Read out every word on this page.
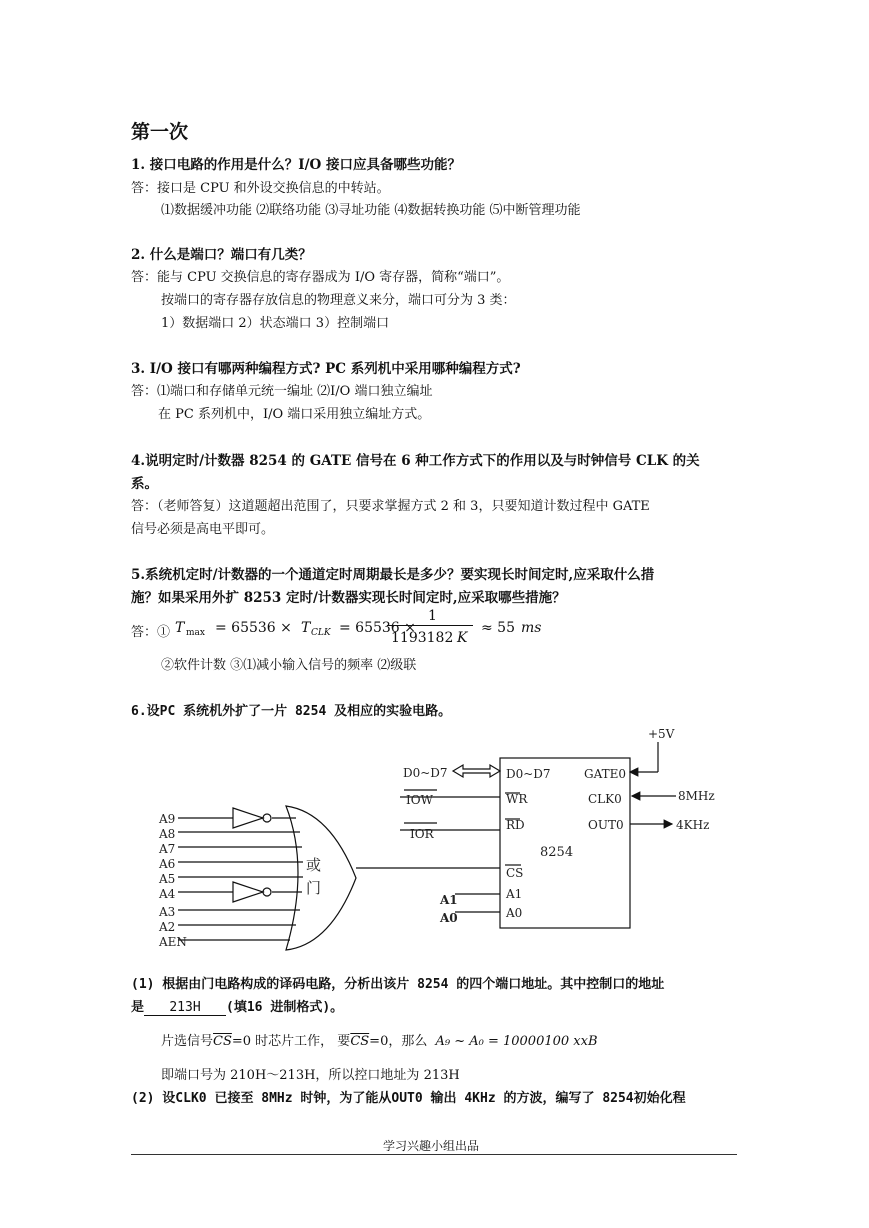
第一次
1. 接口电路的作用是什么？I/O 接口应具备哪些功能？
答：接口是 CPU 和外设交换信息的中转站。
⑴数据缓冲功能 ⑵联络功能 ⑶寻址功能 ⑷数据转换功能 ⑸中断管理功能
2. 什么是端口？端口有几类？
答：能与 CPU 交换信息的寄存器成为 I/O 寄存器，简称“端口”。
按端口的寄存器存放信息的物理意义来分，端口可分为 3 类：
1）数据端口 2）状态端口 3）控制端口
3. I/O 接口有哪两种编程方式? PC 系列机中采用哪种编程方式?
答：⑴端口和存储单元统一编址 ⑵I/O 端口独立编址
在 PC 系列机中，I/O 端口采用独立编址方式。
4.说明定时/计数器 8254 的 GATE 信号在 6 种工作方式下的作用以及与时钟信号 CLK 的关
系。
答：（老师答复）这道题超出范围了，只要求掌握方式 2 和 3，只要知道计数过程中 GATE
信号必须是高电平即可。
5.系统机定时/计数器的一个通道定时周期最长是多少？要实现长时间定时,应采取什么措
施？如果采用外扩 8253 定时/计数器实现长时间定时,应采取哪些措施？
答：① T max = 65536 × T CLK = 65536 ×
1
1193182 K
≈ 55 ms
②软件计数 ③⑴减小输入信号的频率 ⑵级联
6.设PC 系统机外扩了一片 8254 及相应的实验电路。
+5V
D0~D7
IOW
IOR
D0~D7
WR
RD
CS
A1
A0
GATE0
CLK0
OUT0
8254
8MHz
4KHz
A1
A0
或
门
A9
A8
A7
A6
A5
A4
A3
A2
AEN
(1) 根据由门电路构成的译码电路，分析出该片 8254 的四个端口地址。其中控制口的地址
是 213H (填16 进制格式)。
片选信号$\overline{CS}=0$ 时芯片工作， 要$\overline{CS}=0$，那么 A₉ ~ A₀ = 10000100 xxB
即端口号为 210H～213H，所以控口地址为 213H
(2) 设CLK0 已接至 8MHz 时钟，为了能从OUT0 输出 4KHz 的方波，编写了 8254初始化程
学习兴趣小组出品
